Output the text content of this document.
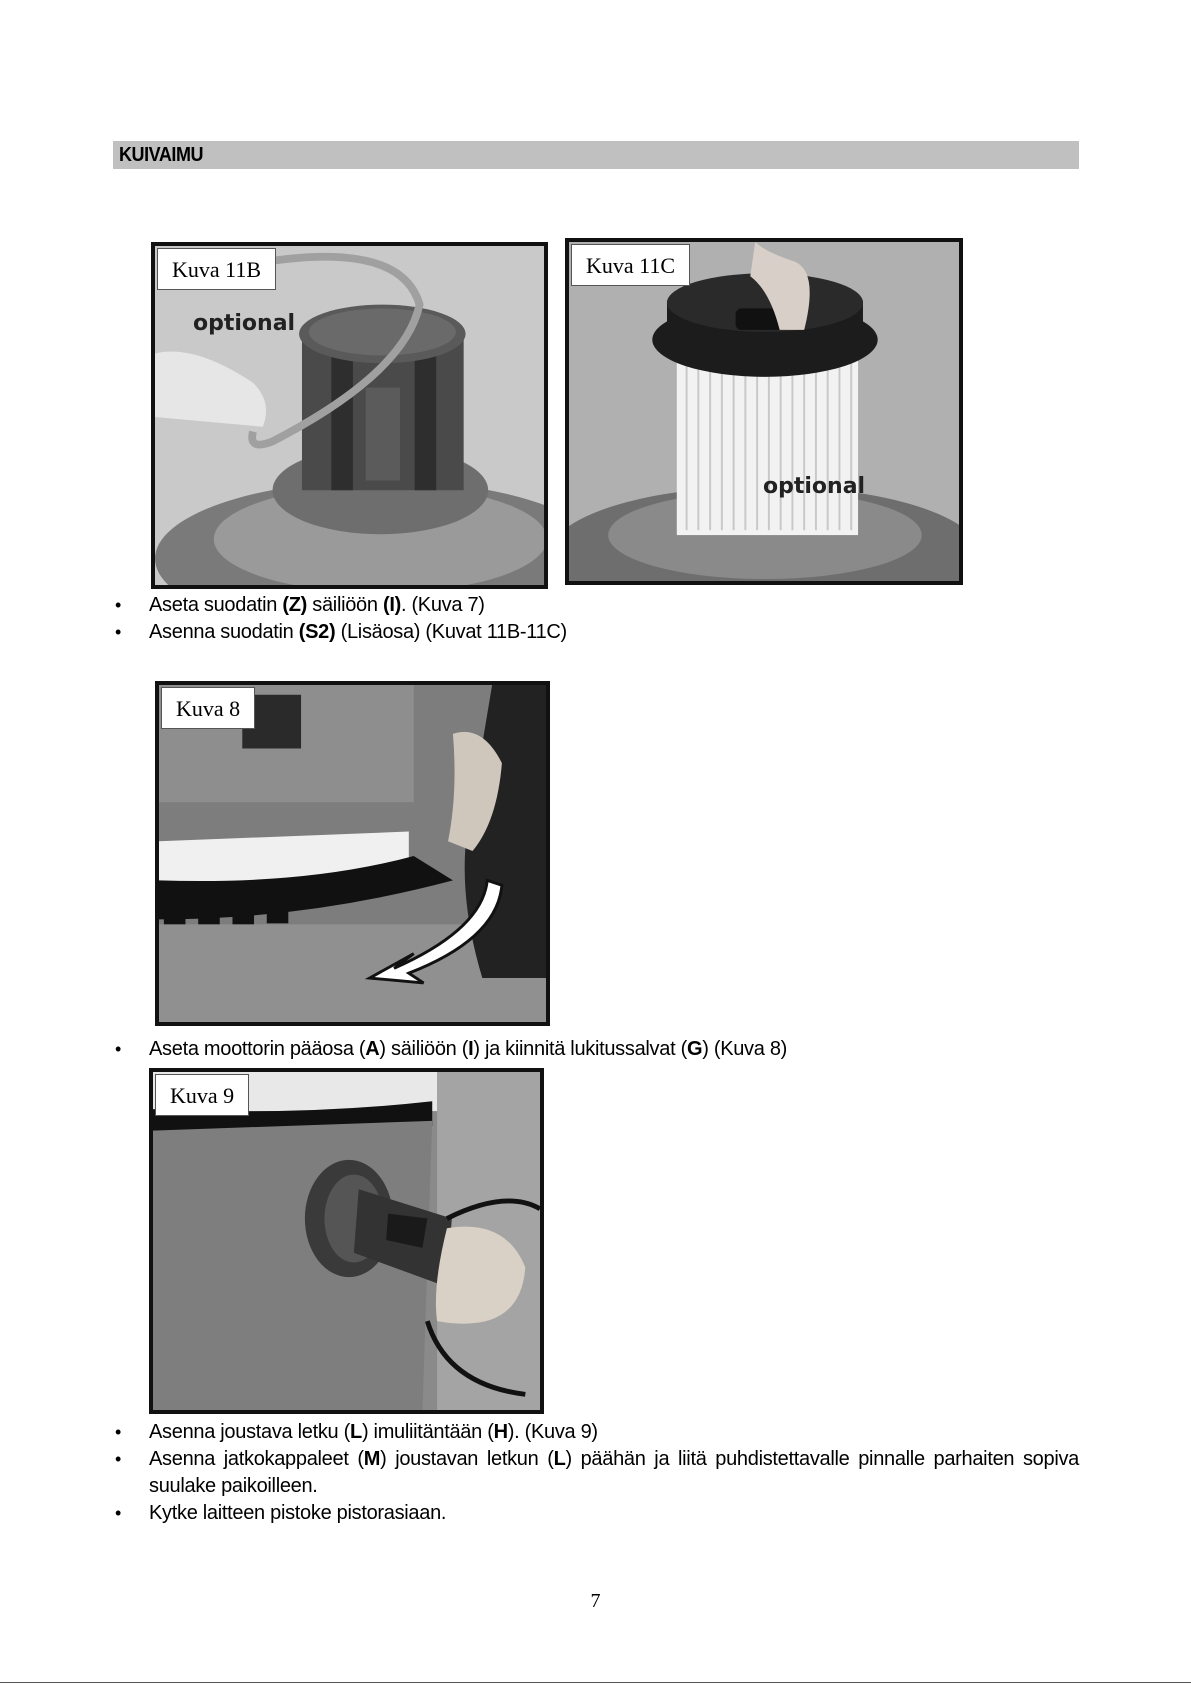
KUIVAIMU
Kuva 11B
optional
Kuva 11C
optional
• Aseta suodatin (Z) säiliöön (I). (Kuva 7)
• Asenna suodatin (S2) (Lisäosa) (Kuvat 11B-11C)
Kuva 8
• Aseta moottorin pääosa (A) säiliöön (I) ja kiinnitä lukitussalvat (G) (Kuva 8)
Kuva 9
• Asenna joustava letku (L) imuliitäntään (H). (Kuva 9)
• Asenna jatkokappaleet (M) joustavan letkun (L) päähän ja liitä puhdistettavalle pinnalle parhaiten sopiva suulake paikoilleen.
• Kytke laitteen pistoke pistorasiaan.
7
